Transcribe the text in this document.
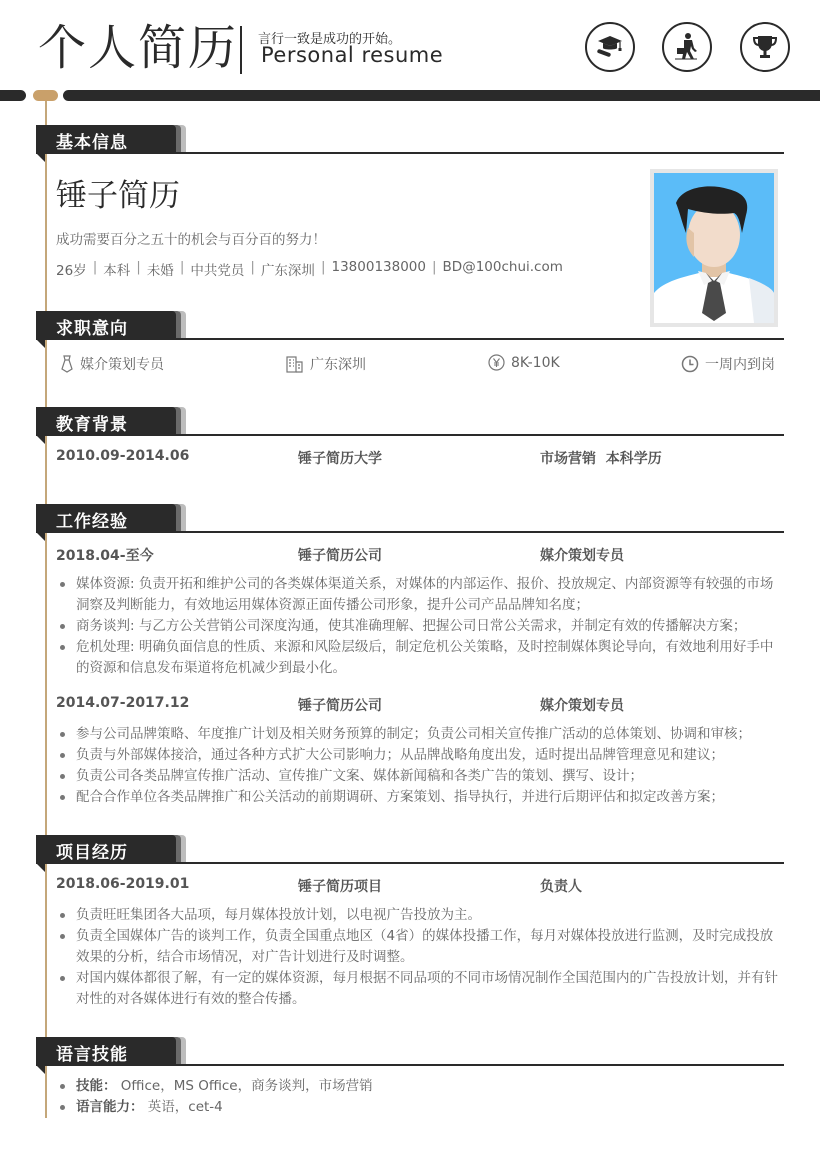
个人简历 言行一致是成功的开始。
Personal resume
基本信息
锤子简历
成功需要百分之五十的机会与百分百的努力！
26岁 | 本科 | 未婚 | 中共党员 | 广东深圳 | 13800138000 | BD@100chui.com
求职意向
媒介策划专员	广东深圳	8K-10K	一周内到岗
教育背景
2010.09-2014.06	锤子简历大学	市场营销  本科学历
工作经验
2018.04-至今	锤子简历公司	媒介策划专员
媒体资源: 负责开拓和维护公司的各类媒体渠道关系，对媒体的内部运作、报价、投放规定、内部资源等有较强的市场洞察及判断能力，有效地运用媒体资源正面传播公司形象，提升公司产品品牌知名度；
商务谈判: 与乙方公关营销公司深度沟通，使其准确理解、把握公司日常公关需求，并制定有效的传播解决方案；
危机处理: 明确负面信息的性质、来源和风险层级后，制定危机公关策略，及时控制媒体舆论导向，有效地利用好手中的资源和信息发布渠道将危机减少到最小化。
2014.07-2017.12	锤子简历公司	媒介策划专员
参与公司品牌策略、年度推广计划及相关财务预算的制定；负责公司相关宣传推广活动的总体策划、协调和审核；
负责与外部媒体接洽，通过各种方式扩大公司影响力；从品牌战略角度出发，适时提出品牌管理意见和建议；
负责公司各类品牌宣传推广活动、宣传推广文案、媒体新闻稿和各类广告的策划、撰写、设计；
配合合作单位各类品牌推广和公关活动的前期调研、方案策划、指导执行，并进行后期评估和拟定改善方案；
项目经历
2018.06-2019.01	锤子简历项目	负责人
负责旺旺集团各大品项，每月媒体投放计划，以电视广告投放为主。
负责全国媒体广告的谈判工作，负责全国重点地区（4省）的媒体投播工作，每月对媒体投放进行监测，及时完成投放效果的分析，结合市场情况，对广告计划进行及时调整。
对国内媒体都很了解，有一定的媒体资源，每月根据不同品项的不同市场情况制作全国范围内的广告投放计划，并有针对性的对各媒体进行有效的整合传播。
语言技能
技能： Office，MS Office，商务谈判，市场营销
语言能力： 英语，cet-4
